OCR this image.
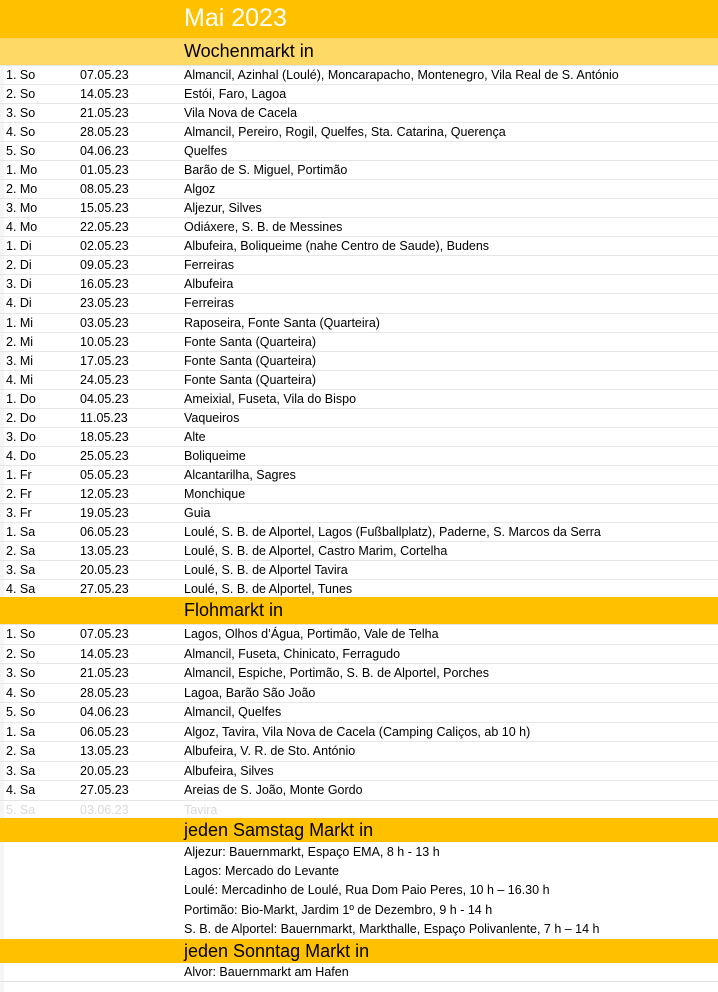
Mai 2023
Wochenmarkt in
1. So	07.05.23	Almancil, Azinhal (Loulé), Moncarapacho, Montenegro, Vila Real de S. António
2. So	14.05.23	Estói, Faro, Lagoa
3. So	21.05.23	Vila Nova de Cacela
4. So	28.05.23	Almancil, Pereiro, Rogil, Quelfes, Sta. Catarina, Querença
5. So	04.06.23	Quelfes
1. Mo	01.05.23	Barão de S. Miguel, Portimão
2. Mo	08.05.23	Algoz
3. Mo	15.05.23	Aljezur, Silves
4. Mo	22.05.23	Odiáxere, S. B. de Messines
1. Di	02.05.23	Albufeira, Boliqueime (nahe Centro de Saude), Budens
2. Di	09.05.23	Ferreiras
3. Di	16.05.23	Albufeira
4. Di	23.05.23	Ferreiras
1. Mi	03.05.23	Raposeira, Fonte Santa (Quarteira)
2. Mi	10.05.23	Fonte Santa (Quarteira)
3. Mi	17.05.23	Fonte Santa (Quarteira)
4. Mi	24.05.23	Fonte Santa (Quarteira)
1. Do	04.05.23	Ameixial, Fuseta, Vila do Bispo
2. Do	11.05.23	Vaqueiros
3. Do	18.05.23	Alte
4. Do	25.05.23	Boliqueime
1. Fr	05.05.23	Alcantarilha, Sagres
2. Fr	12.05.23	Monchique
3. Fr	19.05.23	Guia
1. Sa	06.05.23	Loulé, S. B. de Alportel, Lagos (Fußballplatz), Paderne, S. Marcos da Serra
2. Sa	13.05.23	Loulé, S. B. de Alportel, Castro Marim, Cortelha
3. Sa	20.05.23	Loulé, S. B. de Alportel Tavira
4. Sa	27.05.23	Loulé, S. B. de Alportel, Tunes
Flohmarkt in
1. So	07.05.23	Lagos, Olhos d’Água, Portimão, Vale de Telha
2. So	14.05.23	Almancil, Fuseta, Chinicato, Ferragudo
3. So	21.05.23	Almancil, Espiche, Portimão, S. B. de Alportel, Porches
4. So	28.05.23	Lagoa, Barão São João
5. So	04.06.23	Almancil, Quelfes
1. Sa	06.05.23	Algoz, Tavira, Vila Nova de Cacela (Camping Caliços, ab 10 h)
2. Sa	13.05.23	Albufeira, V. R. de Sto. António
3. Sa	20.05.23	Albufeira, Silves
4. Sa	27.05.23	Areias de S. João, Monte Gordo
5. Sa	03.06.23	Tavira
jeden Samstag Markt in
Aljezur: Bauernmarkt, Espaço EMA, 8 h - 13 h
Lagos: Mercado do Levante
Loulé: Mercadinho de Loulé, Rua Dom Paio Peres, 10 h – 16.30 h
Portimão: Bio-Markt, Jardim 1º de Dezembro, 9 h - 14 h
S. B. de Alportel: Bauernmarkt, Markthalle, Espaço Polivanlente, 7 h – 14 h
jeden Sonntag Markt in
Alvor: Bauernmarkt am Hafen
